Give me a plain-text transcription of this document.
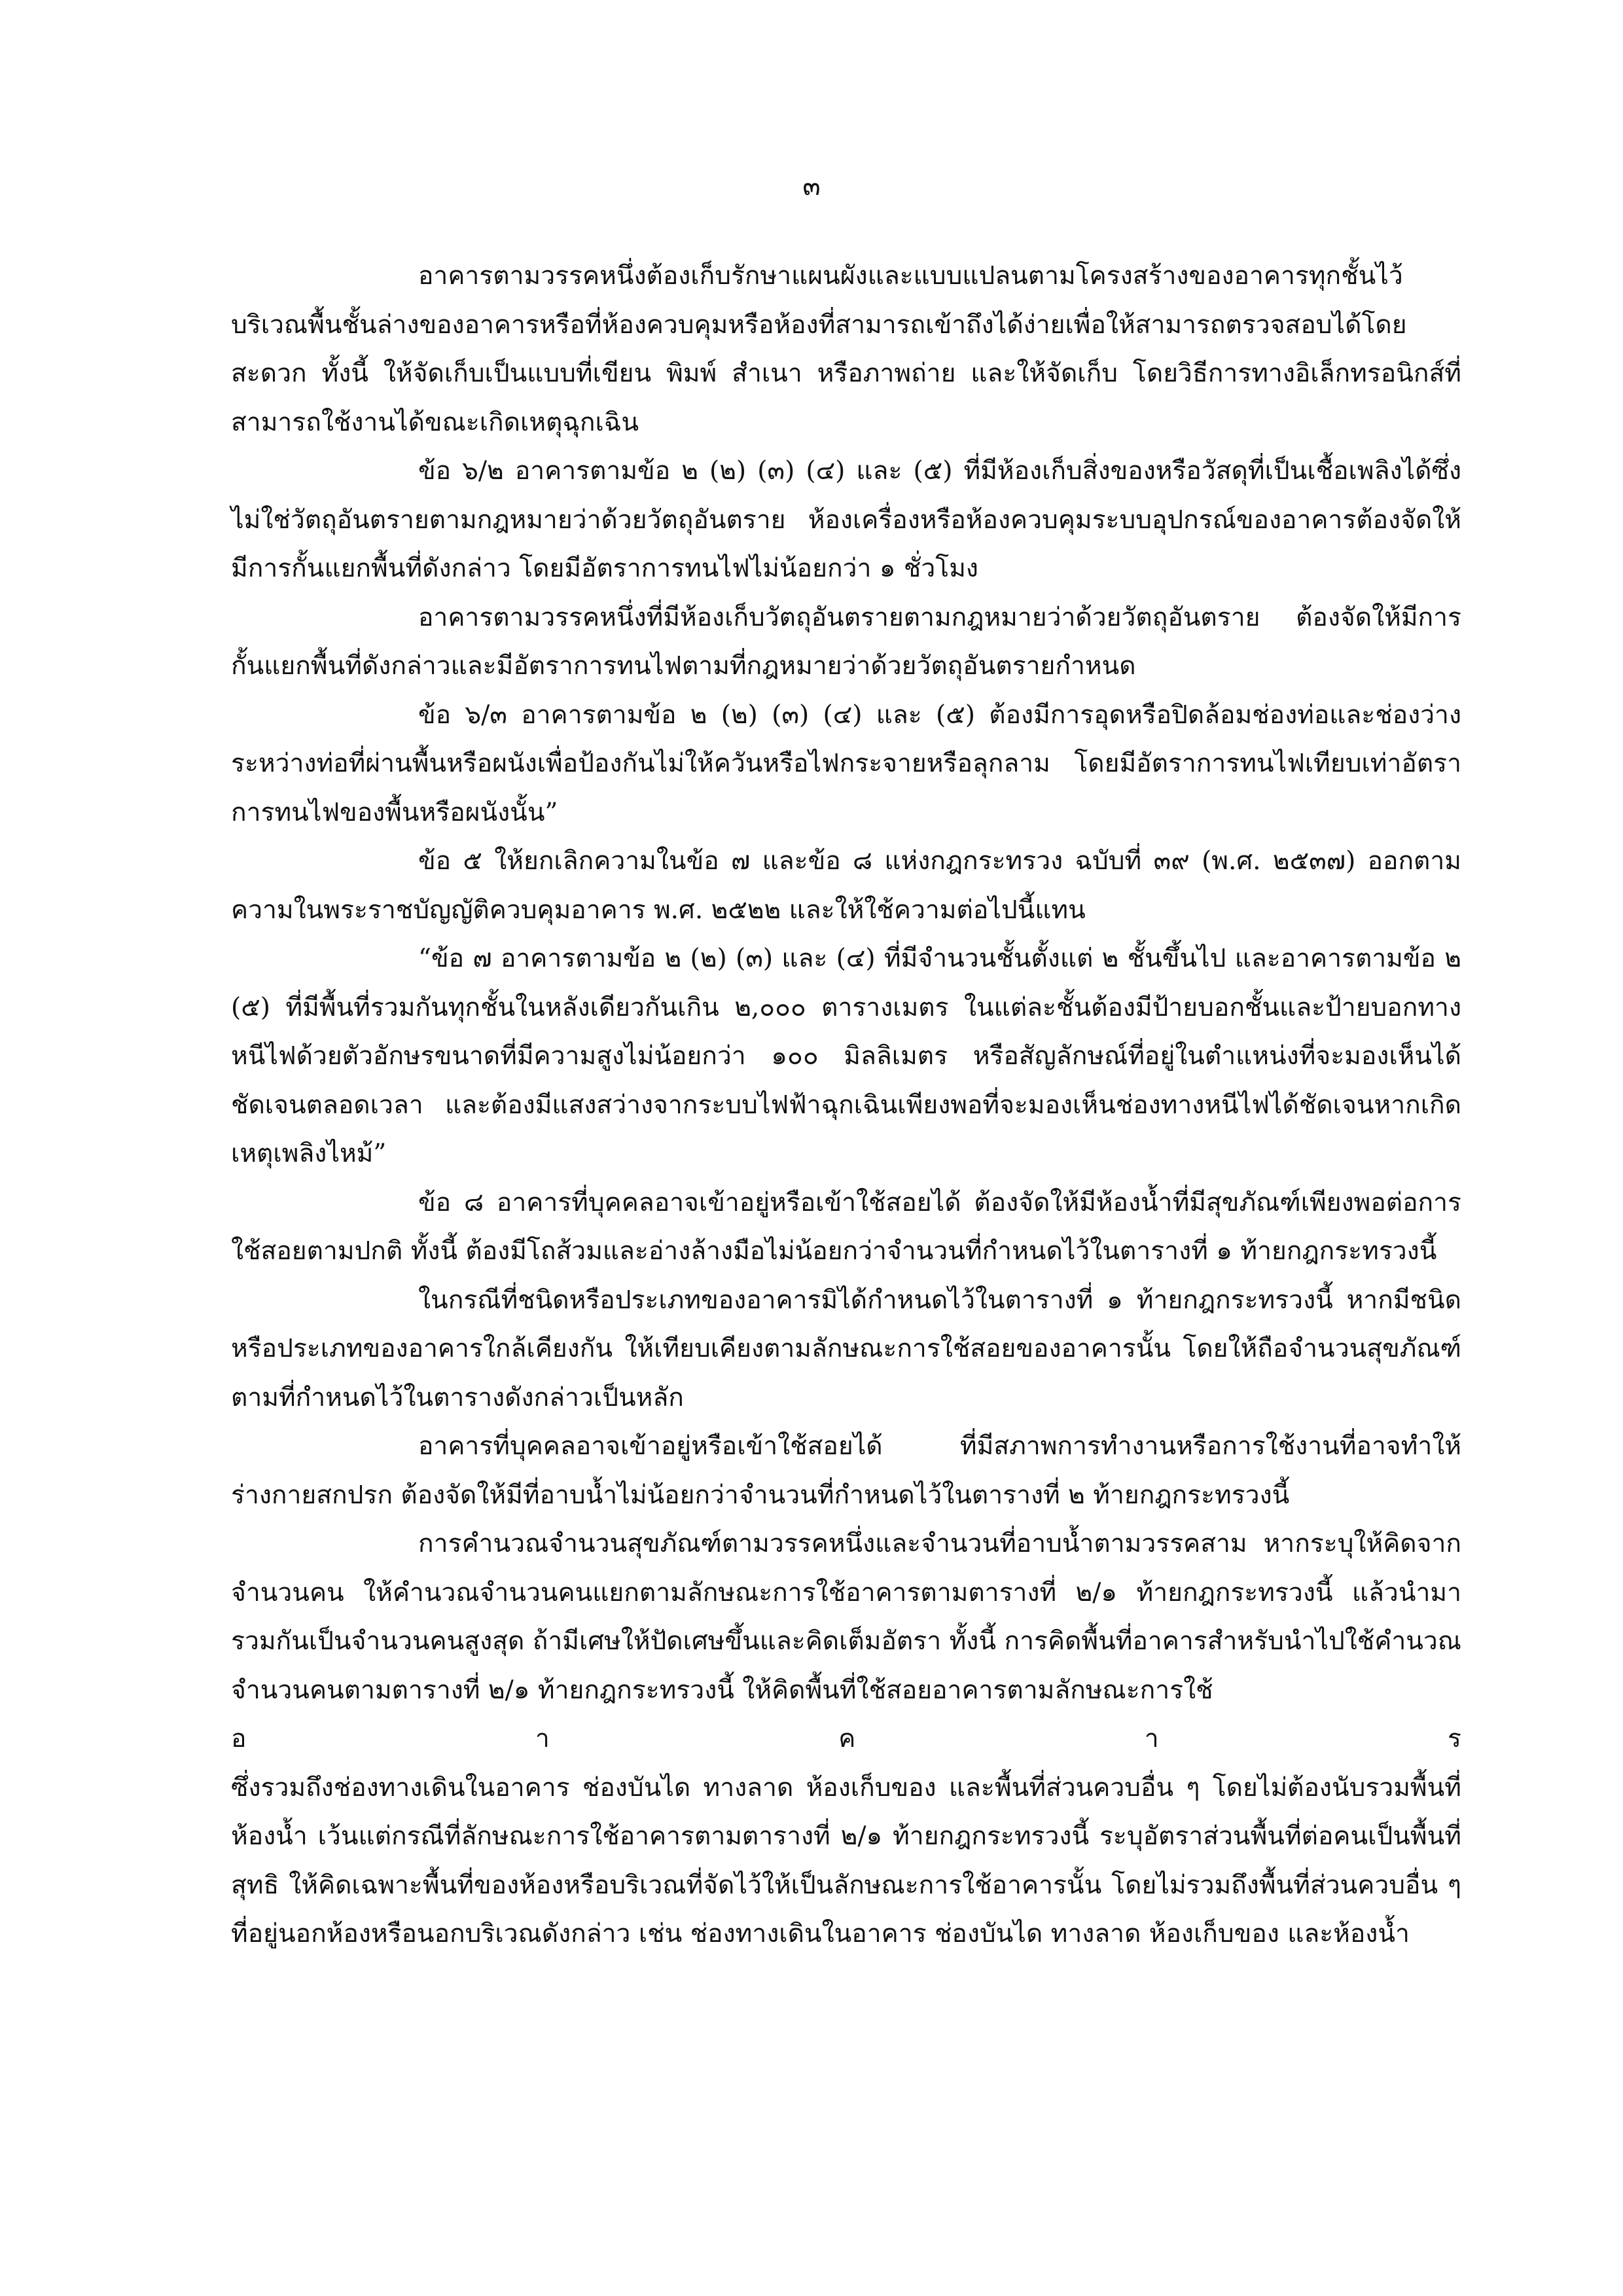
๓

อาคารตามวรรคหนึ่งต้องเก็บรักษาแผนผังและแบบแปลนตามโครงสร้างของอาคารทุกชั้นไว้บริเวณพื้นชั้นล่างของอาคารหรือที่ห้องควบคุมหรือห้องที่สามารถเข้าถึงได้ง่ายเพื่อให้สามารถตรวจสอบได้โดยสะดวก ทั้งนี้ ให้จัดเก็บเป็นแบบที่เขียน พิมพ์ สำเนา หรือภาพถ่าย และให้จัดเก็บ โดยวิธีการทางอิเล็กทรอนิกส์ที่สามารถใช้งานได้ขณะเกิดเหตุฉุกเฉิน

ข้อ ๖/๒ อาคารตามข้อ ๒ (๒) (๓) (๔) และ (๕) ที่มีห้องเก็บสิ่งของหรือวัสดุที่เป็นเชื้อเพลิงได้ซึ่งไม่ใช่วัตถุอันตรายตามกฎหมายว่าด้วยวัตถุอันตราย ห้องเครื่องหรือห้องควบคุมระบบอุปกรณ์ของอาคารต้องจัดให้มีการกั้นแยกพื้นที่ดังกล่าว โดยมีอัตราการทนไฟไม่น้อยกว่า ๑ ชั่วโมง

อาคารตามวรรคหนึ่งที่มีห้องเก็บวัตถุอันตรายตามกฎหมายว่าด้วยวัตถุอันตราย ต้องจัดให้มีการกั้นแยกพื้นที่ดังกล่าวและมีอัตราการทนไฟตามที่กฎหมายว่าด้วยวัตถุอันตรายกำหนด

ข้อ ๖/๓ อาคารตามข้อ ๒ (๒) (๓) (๔) และ (๕) ต้องมีการอุดหรือปิดล้อมช่องท่อและช่องว่างระหว่างท่อที่ผ่านพื้นหรือผนังเพื่อป้องกันไม่ให้ควันหรือไฟกระจายหรือลุกลาม โดยมีอัตราการทนไฟเทียบเท่าอัตราการทนไฟของพื้นหรือผนังนั้น”

ข้อ ๕ ให้ยกเลิกความในข้อ ๗ และข้อ ๘ แห่งกฎกระทรวง ฉบับที่ ๓๙ (พ.ศ. ๒๕๓๗) ออกตามความในพระราชบัญญัติควบคุมอาคาร พ.ศ. ๒๕๒๒ และให้ใช้ความต่อไปนี้แทน

“ข้อ ๗ อาคารตามข้อ ๒ (๒) (๓) และ (๔) ที่มีจำนวนชั้นตั้งแต่ ๒ ชั้นขึ้นไป และอาคารตามข้อ ๒ (๕) ที่มีพื้นที่รวมกันทุกชั้นในหลังเดียวกันเกิน ๒,๐๐๐ ตารางเมตร ในแต่ละชั้นต้องมีป้ายบอกชั้นและป้ายบอกทางหนีไฟด้วยตัวอักษรขนาดที่มีความสูงไม่น้อยกว่า ๑๐๐ มิลลิเมตร หรือสัญลักษณ์ที่อยู่ในตำแหน่งที่จะมองเห็นได้ชัดเจนตลอดเวลา และต้องมีแสงสว่างจากระบบไฟฟ้าฉุกเฉินเพียงพอที่จะมองเห็นช่องทางหนีไฟได้ชัดเจนหากเกิดเหตุเพลิงไหม้”

ข้อ ๘ อาคารที่บุคคลอาจเข้าอยู่หรือเข้าใช้สอยได้ ต้องจัดให้มีห้องน้ำที่มีสุขภัณฑ์เพียงพอต่อการใช้สอยตามปกติ ทั้งนี้ ต้องมีโถส้วมและอ่างล้างมือไม่น้อยกว่าจำนวนที่กำหนดไว้ในตารางที่ ๑ ท้ายกฎกระทรวงนี้

ในกรณีที่ชนิดหรือประเภทของอาคารมิได้กำหนดไว้ในตารางที่ ๑ ท้ายกฎกระทรวงนี้ หากมีชนิดหรือประเภทของอาคารใกล้เคียงกัน ให้เทียบเคียงตามลักษณะการใช้สอยของอาคารนั้น โดยให้ถือจำนวนสุขภัณฑ์ตามที่กำหนดไว้ในตารางดังกล่าวเป็นหลัก

อาคารที่บุคคลอาจเข้าอยู่หรือเข้าใช้สอยได้ ที่มีสภาพการทำงานหรือการใช้งานที่อาจทำให้ร่างกายสกปรก ต้องจัดให้มีที่อาบน้ำไม่น้อยกว่าจำนวนที่กำหนดไว้ในตารางที่ ๒ ท้ายกฎกระทรวงนี้

การคำนวณจำนวนสุขภัณฑ์ตามวรรคหนึ่งและจำนวนที่อาบน้ำตามวรรคสาม หากระบุให้คิดจากจำนวนคน ให้คำนวณจำนวนคนแยกตามลักษณะการใช้อาคารตามตารางที่ ๒/๑ ท้ายกฎกระทรวงนี้ แล้วนำมารวมกันเป็นจำนวนคนสูงสุด ถ้ามีเศษให้ปัดเศษขึ้นและคิดเต็มอัตรา ทั้งนี้ การคิดพื้นที่อาคารสำหรับนำไปใช้คำนวณจำนวนคนตามตารางที่ ๒/๑ ท้ายกฎกระทรวงนี้ ให้คิดพื้นที่ใช้สอยอาคารตามลักษณะการใช้

อ	า	ค	า	ร

ซึ่งรวมถึงช่องทางเดินในอาคาร ช่องบันได ทางลาด ห้องเก็บของ และพื้นที่ส่วนควบอื่น ๆ โดยไม่ต้องนับรวมพื้นที่ห้องน้ำ เว้นแต่กรณีที่ลักษณะการใช้อาคารตามตารางที่ ๒/๑ ท้ายกฎกระทรวงนี้ ระบุอัตราส่วนพื้นที่ต่อคนเป็นพื้นที่สุทธิ ให้คิดเฉพาะพื้นที่ของห้องหรือบริเวณที่จัดไว้ให้เป็นลักษณะการใช้อาคารนั้น โดยไม่รวมถึงพื้นที่ส่วนควบอื่น ๆ ที่อยู่นอกห้องหรือนอกบริเวณดังกล่าว เช่น ช่องทางเดินในอาคาร ช่องบันได ทางลาด ห้องเก็บของ และห้องน้ำ
